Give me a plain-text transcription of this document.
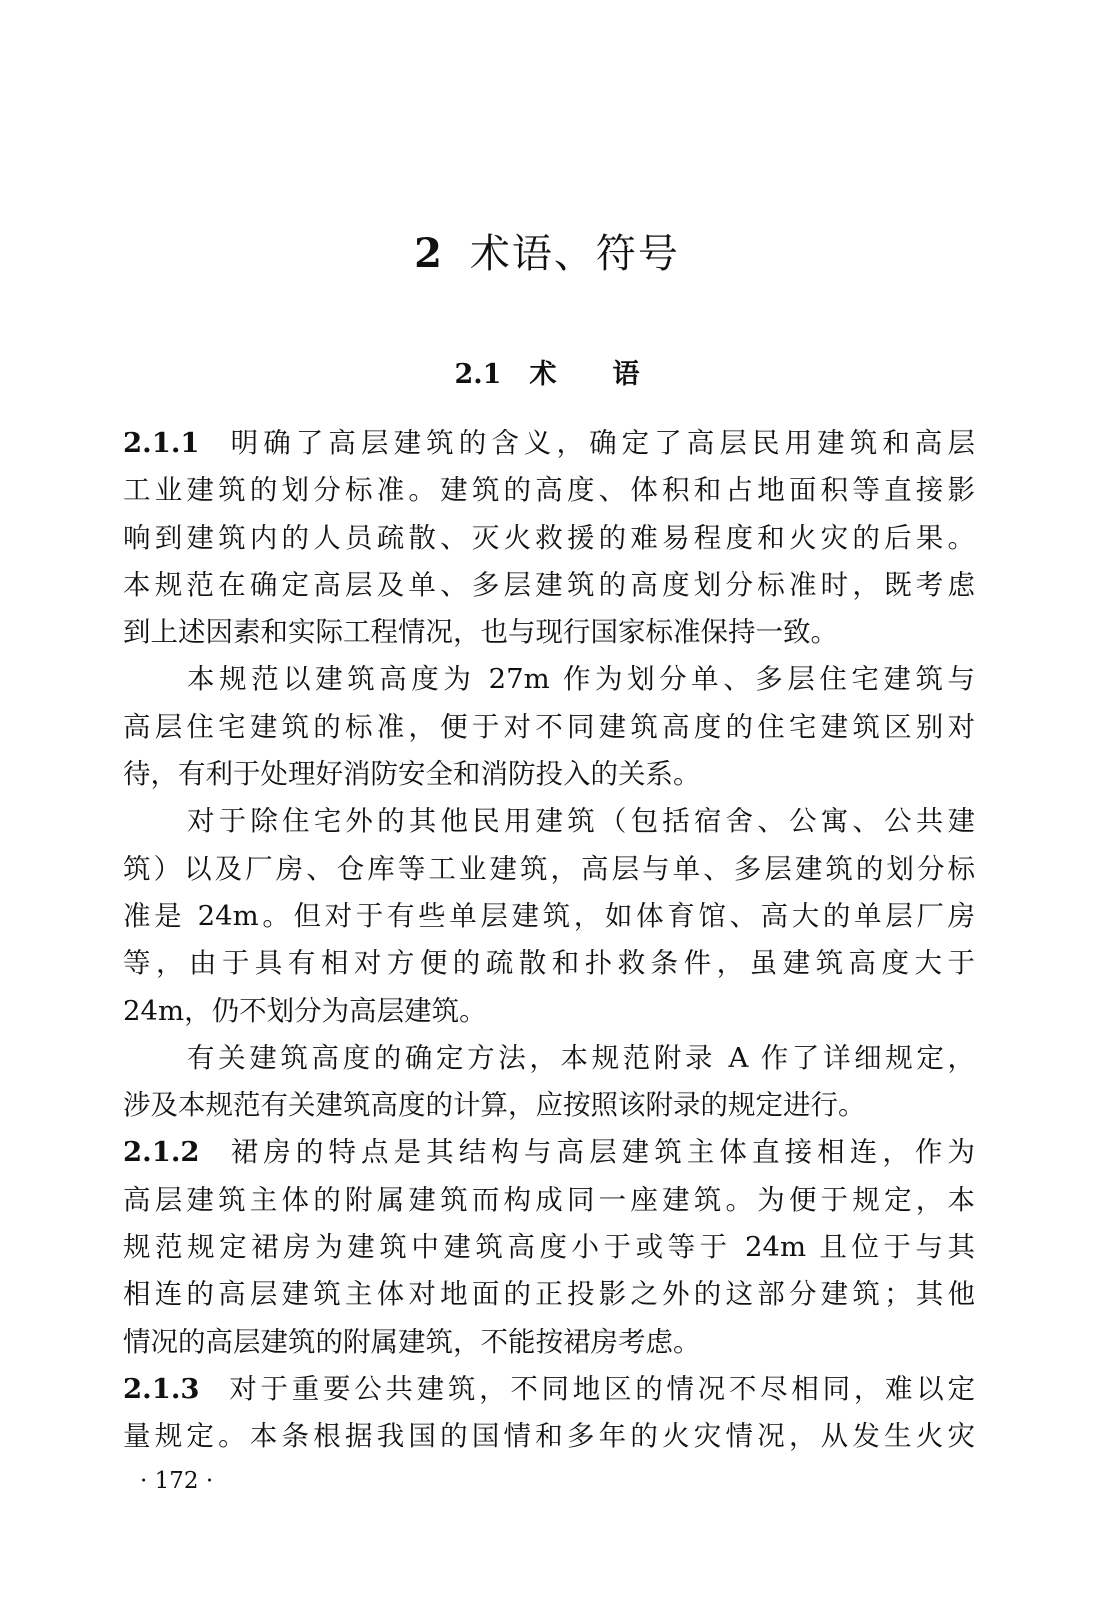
2 术语、符号
2.1 术 语
2.1.1 明确了高层建筑的含义，确定了高层民用建筑和高层
工业建筑的划分标准。建筑的高度、体积和占地面积等直接影
响到建筑内的人员疏散、灭火救援的难易程度和火灾的后果。
本规范在确定高层及单、多层建筑的高度划分标准时，既考虑
到上述因素和实际工程情况，也与现行国家标准保持一致。
本规范以建筑高度为 27m 作为划分单、多层住宅建筑与
高层住宅建筑的标准，便于对不同建筑高度的住宅建筑区别对
待，有利于处理好消防安全和消防投入的关系。
对于除住宅外的其他民用建筑（包括宿舍、公寓、公共建
筑）以及厂房、仓库等工业建筑，高层与单、多层建筑的划分标
准是 24m。但对于有些单层建筑，如体育馆、高大的单层厂房
等，由于具有相对方便的疏散和扑救条件，虽建筑高度大于
24m，仍不划分为高层建筑。
有关建筑高度的确定方法，本规范附录 A 作了详细规定，
涉及本规范有关建筑高度的计算，应按照该附录的规定进行。
2.1.2 裙房的特点是其结构与高层建筑主体直接相连，作为
高层建筑主体的附属建筑而构成同一座建筑。为便于规定，本
规范规定裙房为建筑中建筑高度小于或等于 24m 且位于与其
相连的高层建筑主体对地面的正投影之外的这部分建筑；其他
情况的高层建筑的附属建筑，不能按裙房考虑。
2.1.3 对于重要公共建筑，不同地区的情况不尽相同，难以定
量规定。本条根据我国的国情和多年的火灾情况，从发生火灾
· 172 ·
